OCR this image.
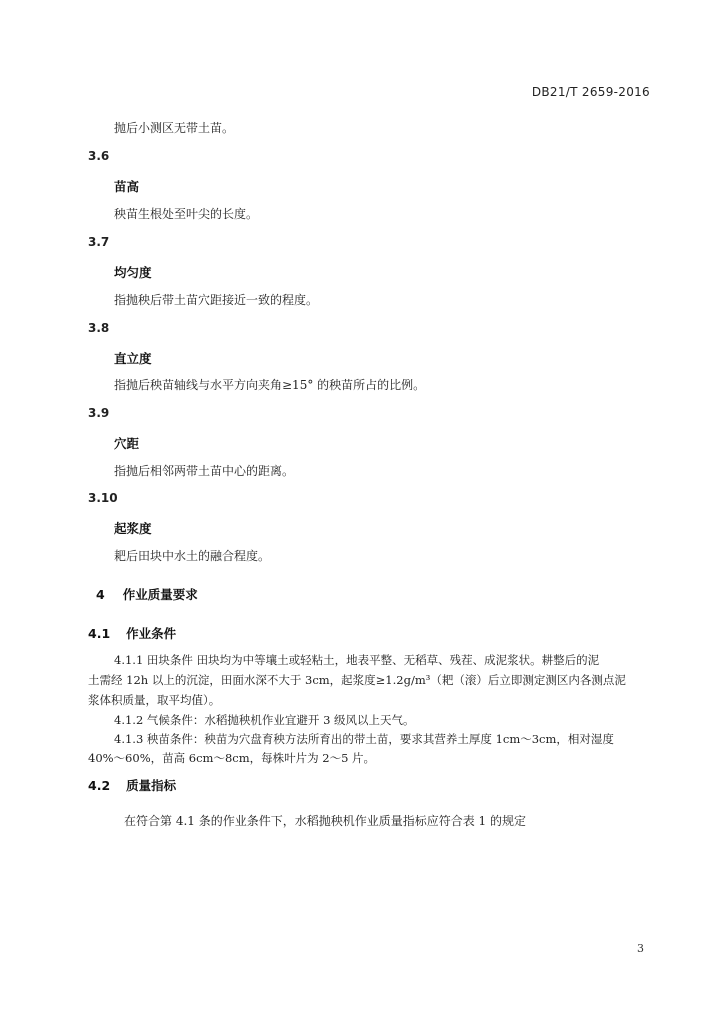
DB21/T 2659-2016
抛后小测区无带土苗。
3.6
苗高
秧苗生根处至叶尖的长度。
3.7
均匀度
指抛秧后带土苗穴距接近一致的程度。
3.8
直立度
指抛后秧苗轴线与水平方向夹角≥15° 的秧苗所占的比例。
3.9
穴距
指抛后相邻两带土苗中心的距离。
3.10
起浆度
耙后田块中水土的融合程度。
4 作业质量要求
4.1 作业条件
4.1.1 田块条件 田块均为中等壤土或轻粘土，地表平整、无稻草、残茬、成泥浆状。耕整后的泥
土需经 12h 以上的沉淀，田面水深不大于 3cm，起浆度≥1.2g/m³（耙（滚）后立即测定测区内各测点泥
浆体积质量，取平均值）。
4.1.2 气候条件：水稻抛秧机作业宜避开 3 级风以上天气。
4.1.3 秧苗条件：秧苗为穴盘育秧方法所育出的带土苗，要求其营养土厚度 1cm～3cm，相对湿度
40%～60%，苗高 6cm～8cm，每株叶片为 2～5 片。
4.2 质量指标
在符合第 4.1 条的作业条件下，水稻抛秧机作业质量指标应符合表 1 的规定
3
